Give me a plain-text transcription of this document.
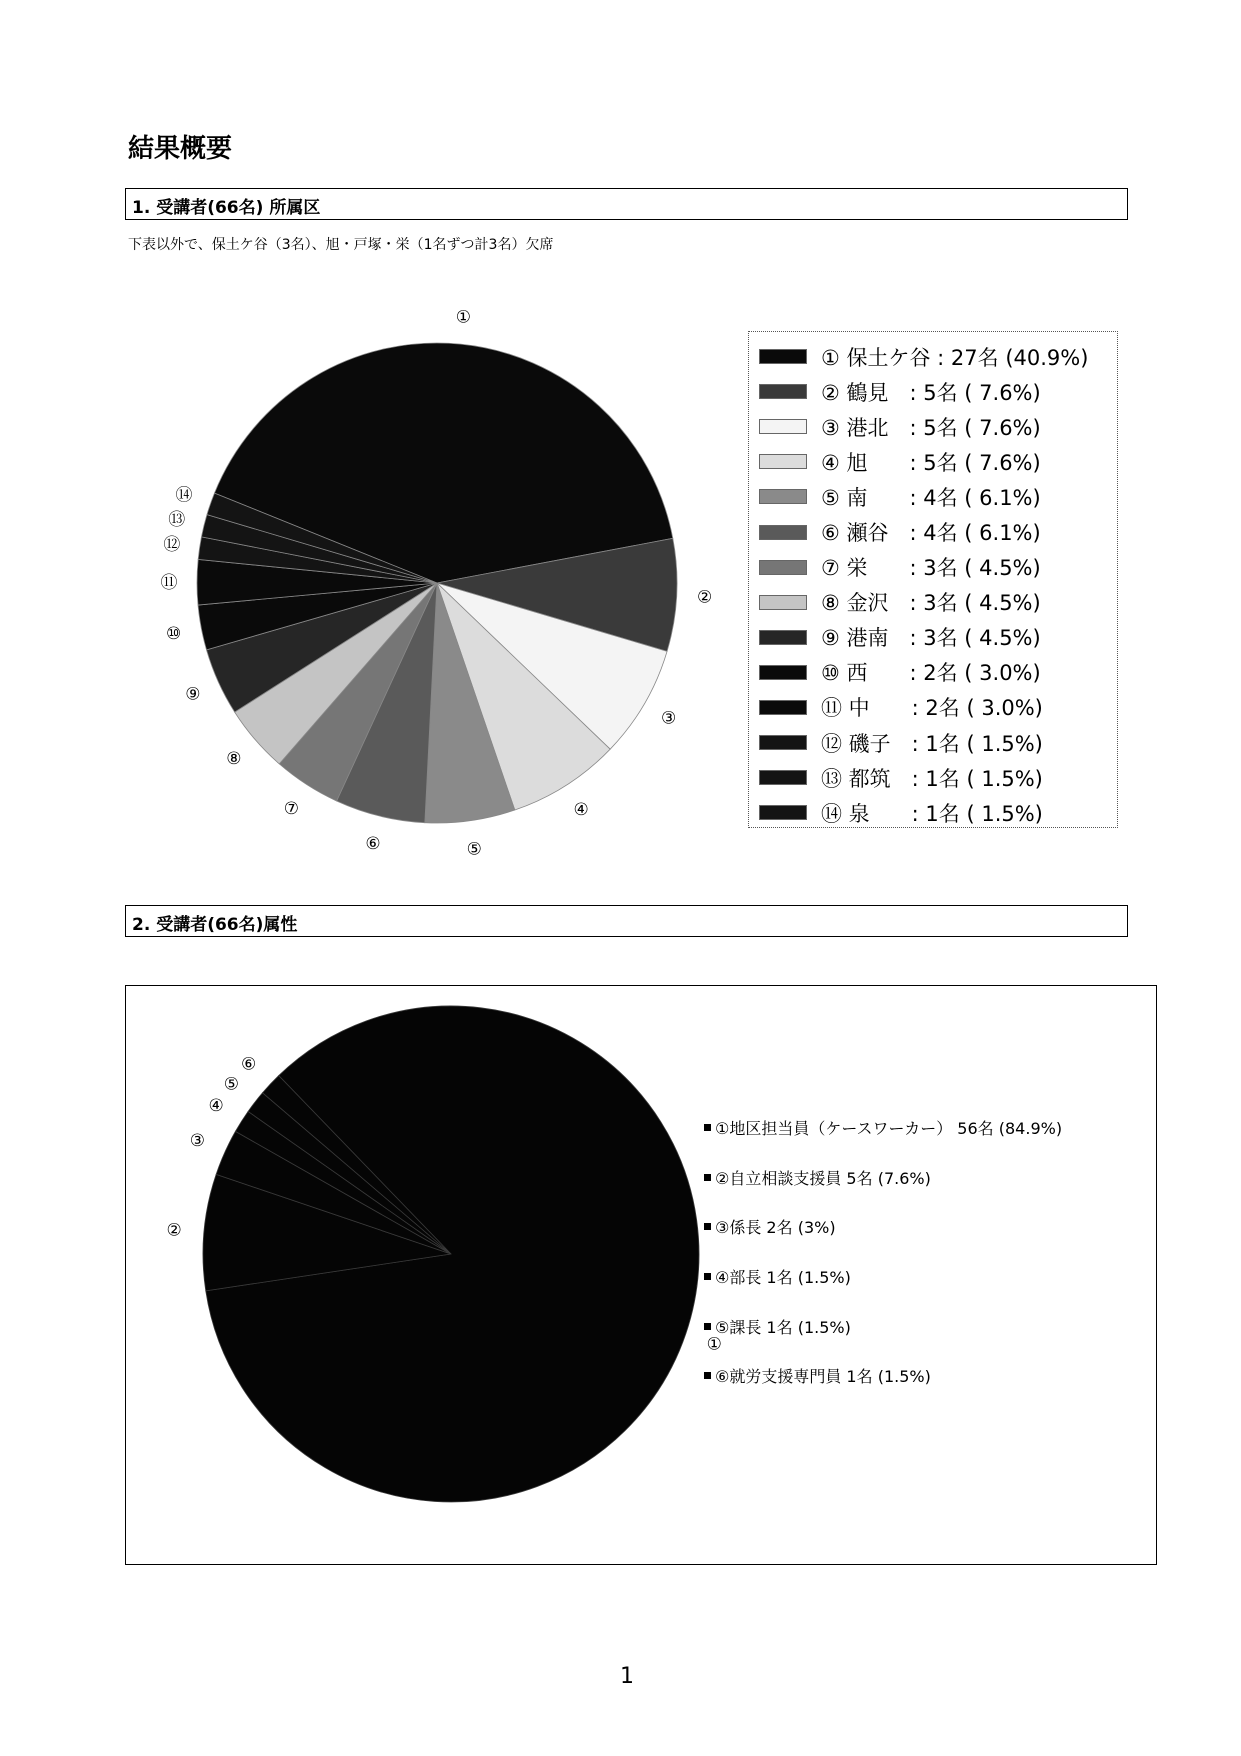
結果概要
1. 受講者(66名) 所属区
下表以外で、保土ケ谷（3名）、旭・戸塚・栄（1名ずつ計3名）欠席
2. 受講者(66名)属性
①
②
③
④
⑤
⑥
⑦
⑧
⑨
⑩
⑪
⑫
⑬
⑭
①
②
③
④
⑤
⑥
① 保土ケ谷 : 27名 (40.9%)
② 鶴見　: 5名 ( 7.6%)
③ 港北　: 5名 ( 7.6%)
④ 旭　　: 5名 ( 7.6%)
⑤ 南　　: 4名 ( 6.1%)
⑥ 瀬谷　: 4名 ( 6.1%)
⑦ 栄　　: 3名 ( 4.5%)
⑧ 金沢　: 3名 ( 4.5%)
⑨ 港南　: 3名 ( 4.5%)
⑩ 西　　: 2名 ( 3.0%)
⑪ 中　　: 2名 ( 3.0%)
⑫ 磯子　: 1名 ( 1.5%)
⑬ 都筑　: 1名 ( 1.5%)
⑭ 泉　　: 1名 ( 1.5%)
①地区担当員（ケースワーカー） 56名 (84.9%)
②自立相談支援員 5名 (7.6%)
③係長 2名 (3%)
④部長 1名 (1.5%)
⑤課長 1名 (1.5%)
⑥就労支援専門員 1名 (1.5%)
1
